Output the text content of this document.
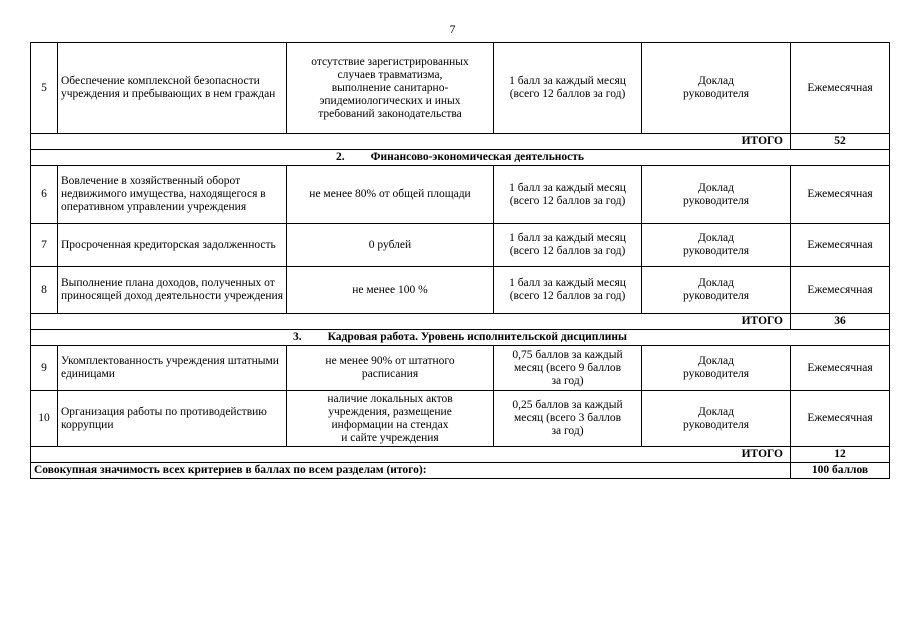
7
5	Обеспечение комплексной безопасности учреждения и пребывающих в нем граждан	отсутствие зарегистрированных
случаев травматизма,
выполнение санитарно-
эпидемиологических и иных
требований законодательства	1 балл за каждый месяц
(всего 12 баллов за год)	Доклад
руководителя	Ежемесячная
ИТОГО					52
2. Финансово-экономическая деятельность					
6	Вовлечение в хозяйственный оборот недвижимого имущества, находящегося в оперативном управлении учреждения	не менее 80% от общей площади	1 балл за каждый месяц
(всего 12 баллов за год)	Доклад
руководителя	Ежемесячная
7	Просроченная кредиторская задолженность	0 рублей	1 балл за каждый месяц
(всего 12 баллов за год)	Доклад
руководителя	Ежемесячная
8	Выполнение плана доходов, полученных от приносящей доход деятельности учреждения	не менее 100 %	1 балл за каждый месяц
(всего 12 баллов за год)	Доклад
руководителя	Ежемесячная
ИТОГО					36
3. Кадровая работа. Уровень исполнительской дисциплины					
9	Укомплектованность учреждения штатными единицами	не менее 90% от штатного
расписания	0,75 баллов за каждый
месяц (всего 9 баллов
за год)	Доклад
руководителя	Ежемесячная
10	Организация работы по противодействию коррупции	наличие локальных актов
учреждения, размещение
информации на стендах
и сайте учреждения	0,25 баллов за каждый
месяц (всего 3 баллов
за год)	Доклад
руководителя	Ежемесячная
ИТОГО					12
Совокупная значимость всех критериев в баллах по всем разделам (итого):					100 баллов
